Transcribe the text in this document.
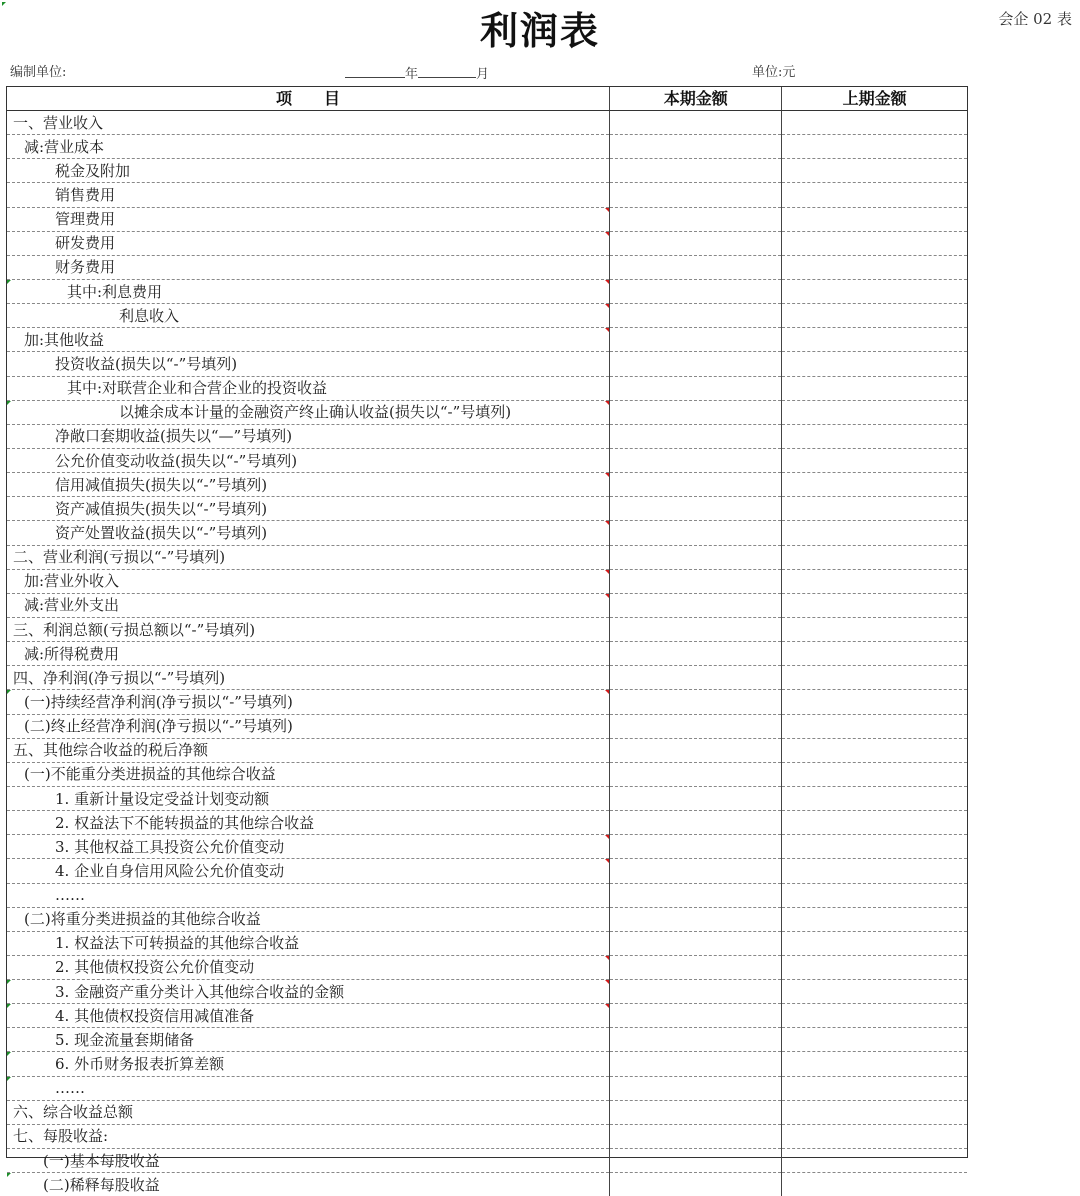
利润表	会企 02 表
编制单位:	年	月	单位:元
项　　目	本期金额	上期金额
一、营业收入		
减:营业成本		
税金及附加		
销售费用		
管理费用

研发费用

财务费用		

其中:利息费用

利息收入

加:其他收益

投资收益(损失以“-”号填列)		
其中:对联营企业和合营企业的投资收益		

以摊余成本计量的金融资产终止确认收益(损失以“-”号填列)

净敞口套期收益(损失以“—”号填列)		
公允价值变动收益(损失以“-”号填列)		
信用减值损失(损失以“-”号填列)

资产减值损失(损失以“-”号填列)		
资产处置收益(损失以“-”号填列)

二、营业利润(亏损以“-”号填列)		
加:营业外收入

减:营业外支出

三、利润总额(亏损总额以“-”号填列)		
减:所得税费用		
四、净利润(净亏损以“-”号填列)		

(一)持续经营净利润(净亏损以“-”号填列)

(二)终止经营净利润(净亏损以“-”号填列)		
五、其他综合收益的税后净额		
(一)不能重分类进损益的其他综合收益		
1. 重新计量设定受益计划变动额		
2. 权益法下不能转损益的其他综合收益		
3. 其他权益工具投资公允价值变动

4. 企业自身信用风险公允价值变动

……		
(二)将重分类进损益的其他综合收益		
1. 权益法下可转损益的其他综合收益		
2. 其他债权投资公允价值变动

3. 金融资产重分类计入其他综合收益的金额

4. 其他债权投资信用减值准备

5. 现金流量套期储备		

6. 外币财务报表折算差额		

……		
六、综合收益总额		
七、每股收益:		
(一)基本每股收益		

(二)稀释每股收益		
